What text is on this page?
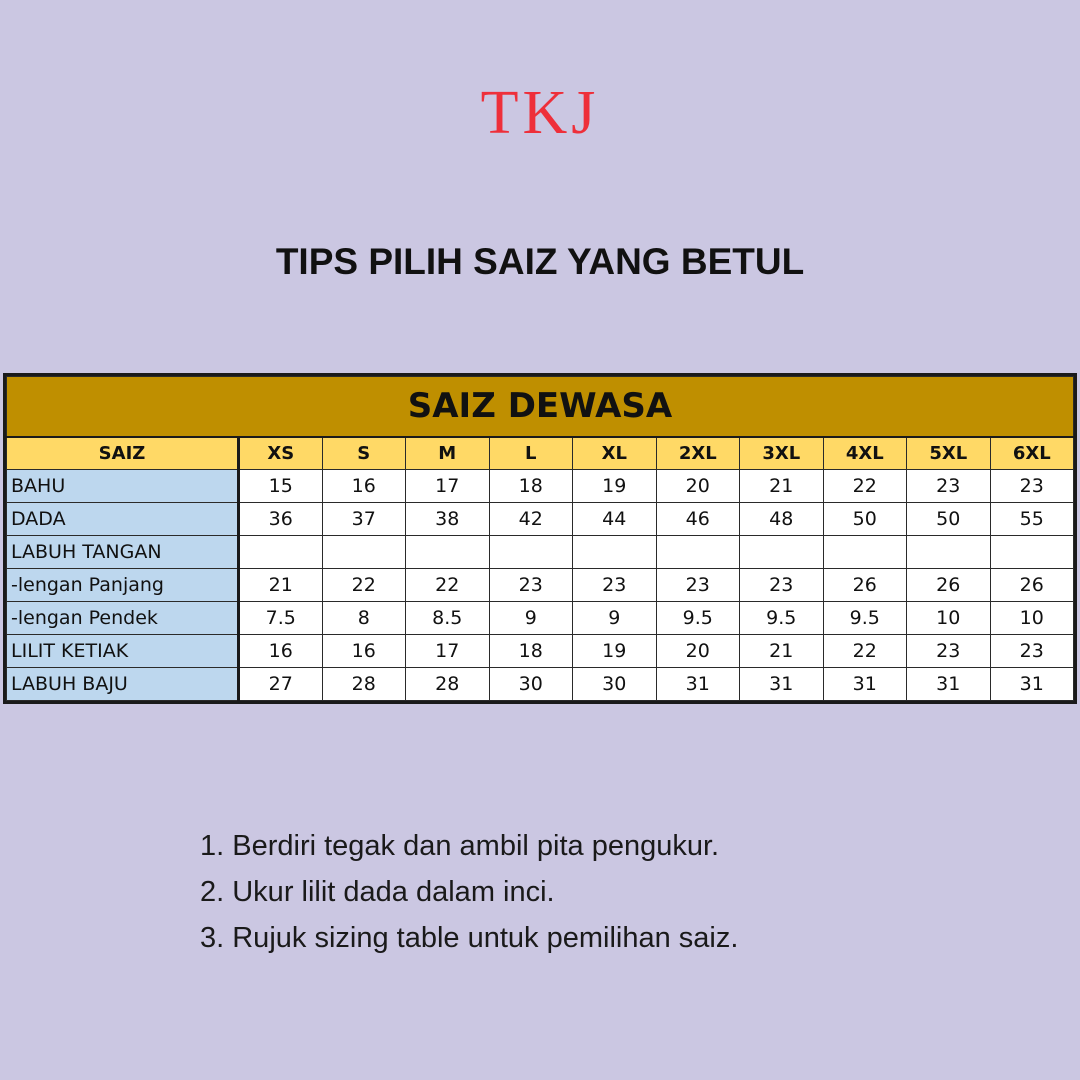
TKJ
TIPS PILIH SAIZ YANG BETUL
SAIZ DEWASA										
SAIZ	XS	S	M	L	XL	2XL	3XL	4XL	5XL	6XL
BAHU	15	16	17	18	19	20	21	22	23	23
DADA	36	37	38	42	44	46	48	50	50	55
LABUH TANGAN										
-lengan Panjang	21	22	22	23	23	23	23	26	26	26
-lengan Pendek	7.5	8	8.5	9	9	9.5	9.5	9.5	10	10
LILIT KETIAK	16	16	17	18	19	20	21	22	23	23
LABUH BAJU	27	28	28	30	30	31	31	31	31	31
1. Berdiri tegak dan ambil pita pengukur.
2. Ukur lilit dada dalam inci.
3. Rujuk sizing table untuk pemilihan saiz.
